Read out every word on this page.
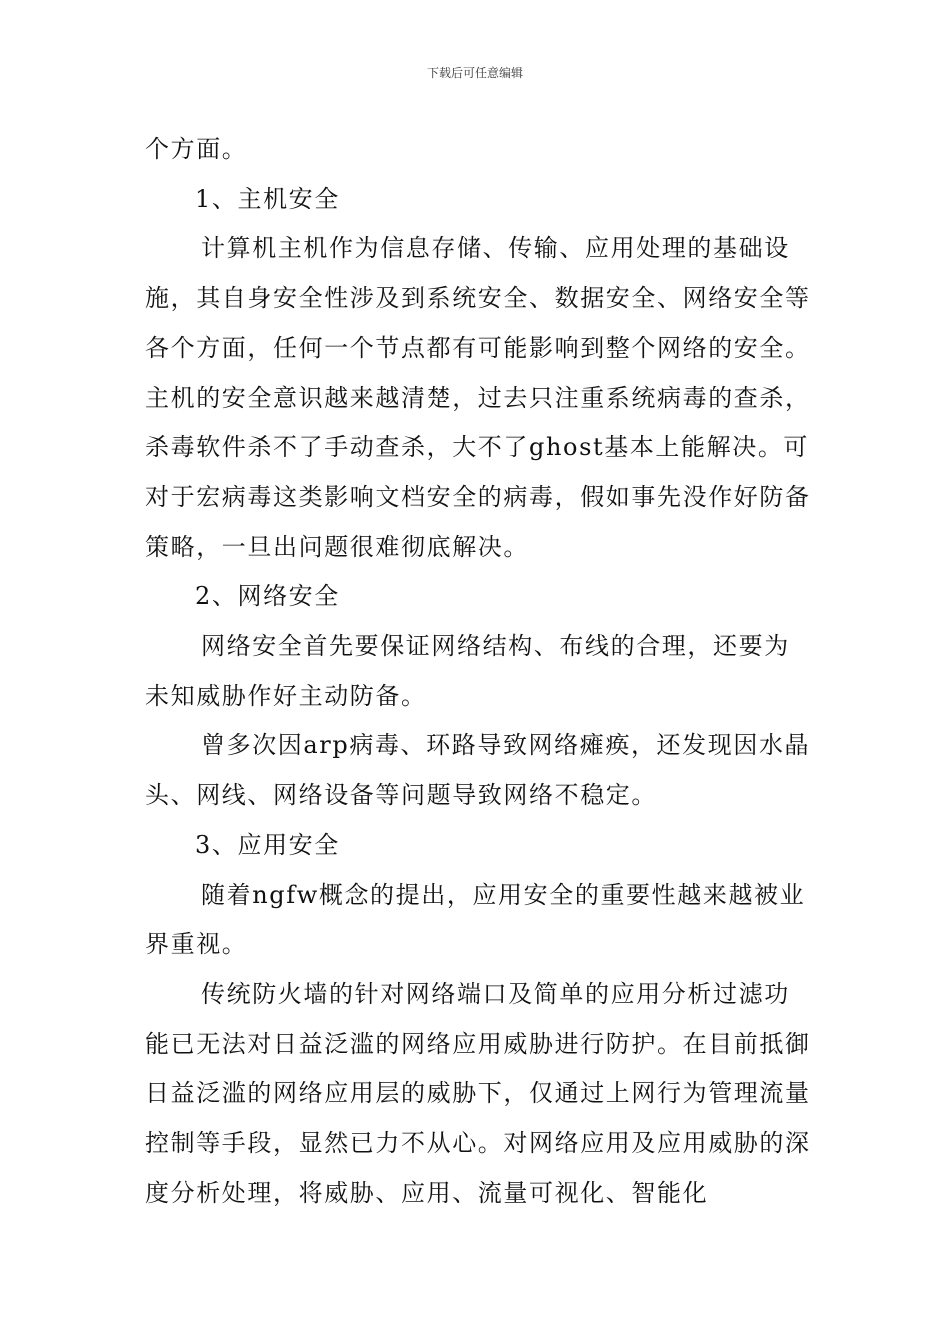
下载后可任意编辑

个方面。

1、主机安全

计算机主机作为信息存储、传输、应用处理的基础设施，其自身安全性涉及到系统安全、数据安全、网络安全等各个方面，任何一个节点都有可能影响到整个网络的安全。主机的安全意识越来越清楚，过去只注重系统病毒的查杀，杀毒软件杀不了手动查杀，大不了ghost基本上能解决。可对于宏病毒这类影响文档安全的病毒，假如事先没作好防备策略，一旦出问题很难彻底解决。

2、网络安全

网络安全首先要保证网络结构、布线的合理，还要为未知威胁作好主动防备。

曾多次因arp病毒、环路导致网络瘫痪，还发现因水晶头、网线、网络设备等问题导致网络不稳定。

3、应用安全

随着ngfw概念的提出，应用安全的重要性越来越被业界重视。

传统防火墙的针对网络端口及简单的应用分析过滤功能已无法对日益泛滥的网络应用威胁进行防护。在目前抵御日益泛滥的网络应用层的威胁下，仅通过上网行为管理流量控制等手段，显然已力不从心。对网络应用及应用威胁的深度分析处理，将威胁、应用、流量可视化、智能化
